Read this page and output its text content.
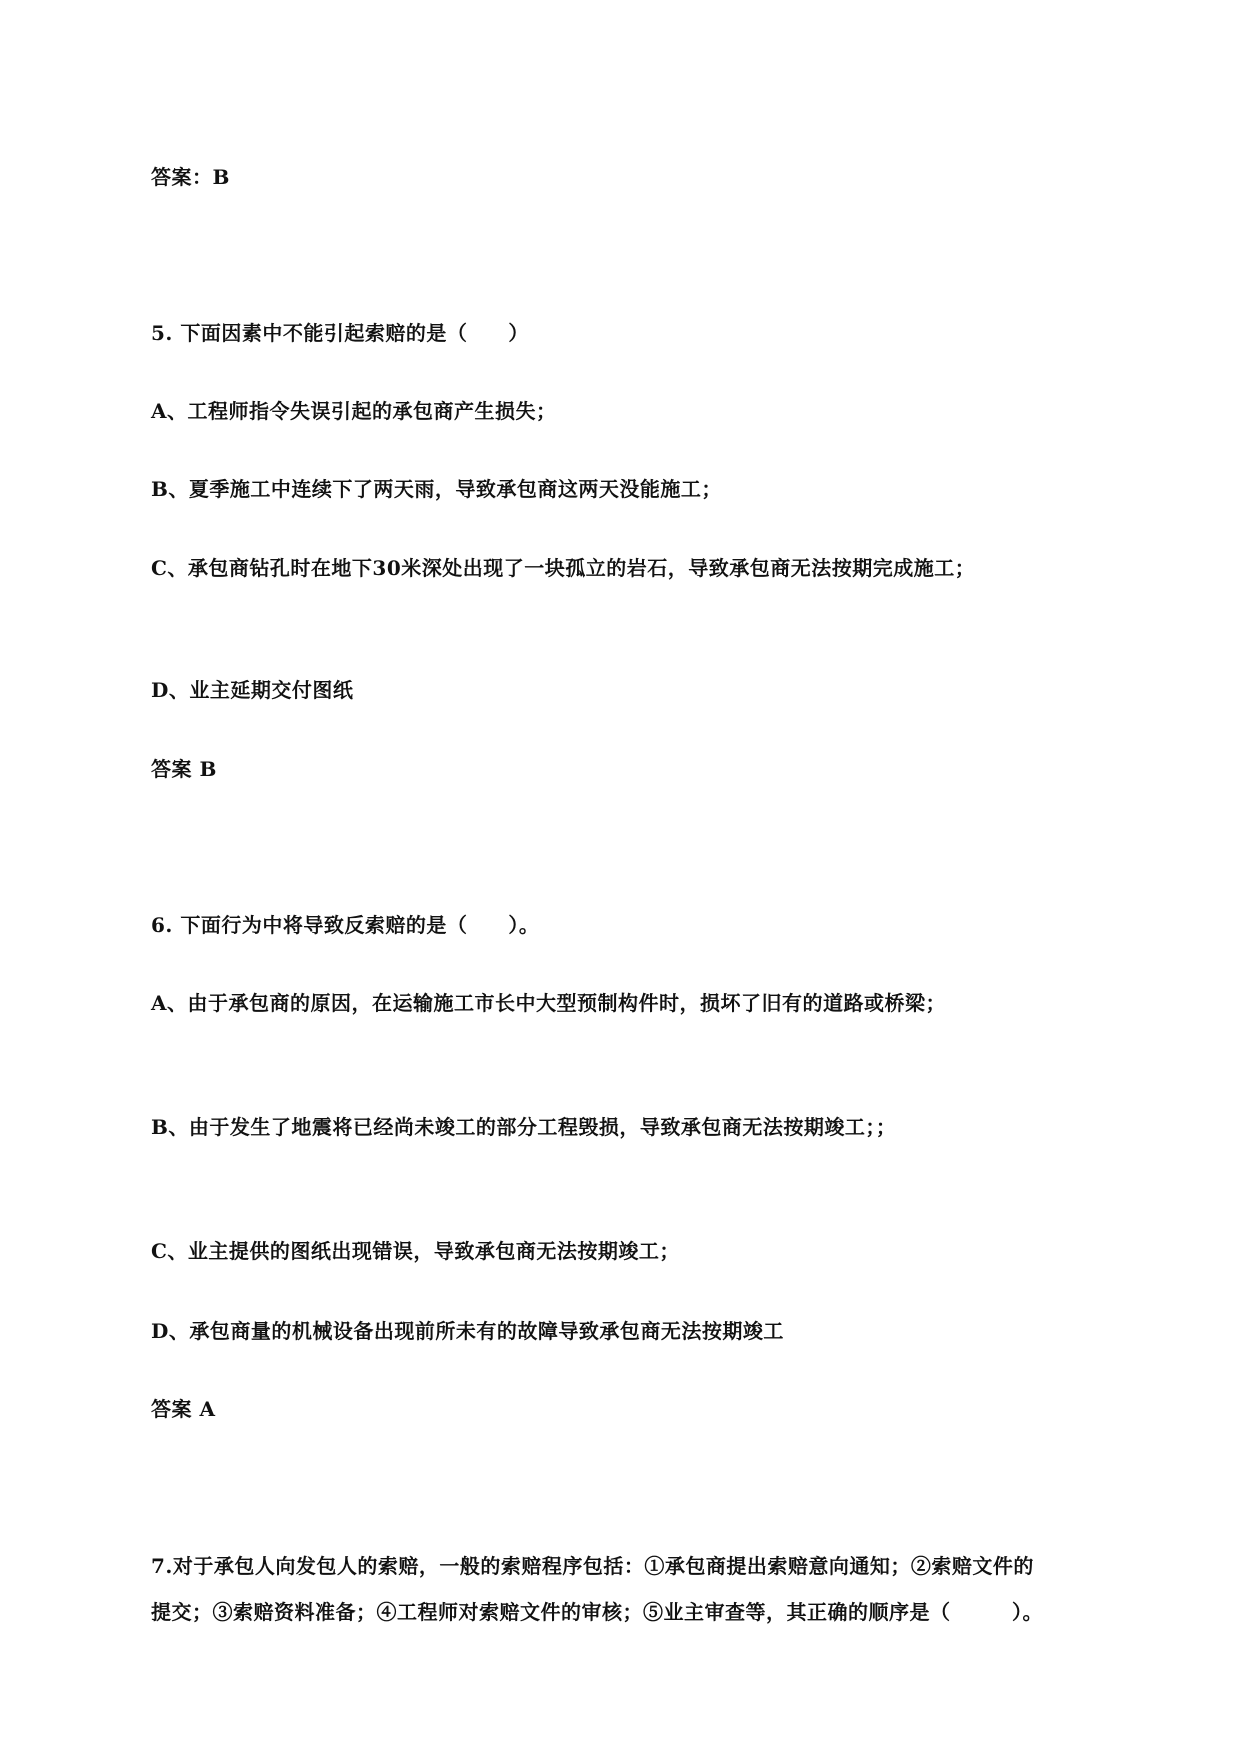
答案：B

5. 下面因素中不能引起索赔的是（　　）

A、工程师指令失误引起的承包商产生损失；

B、夏季施工中连续下了两天雨，导致承包商这两天没能施工；

C、承包商钻孔时在地下30米深处出现了一块孤立的岩石，导致承包商无法按期完成施工；

D、业主延期交付图纸

答案 B

6. 下面行为中将导致反索赔的是（　　）。

A、由于承包商的原因，在运输施工市长中大型预制构件时，损坏了旧有的道路或桥梁；

B、由于发生了地震将已经尚未竣工的部分工程毁损，导致承包商无法按期竣工；；

C、业主提供的图纸出现错误，导致承包商无法按期竣工；

D、承包商量的机械设备出现前所未有的故障导致承包商无法按期竣工

答案 A

7.对于承包人向发包人的索赔，一般的索赔程序包括：①承包商提出索赔意向通知；②索赔文件的

提交；③索赔资料准备；④工程师对索赔文件的审核；⑤业主审查等，其正确的顺序是（　　　）。
